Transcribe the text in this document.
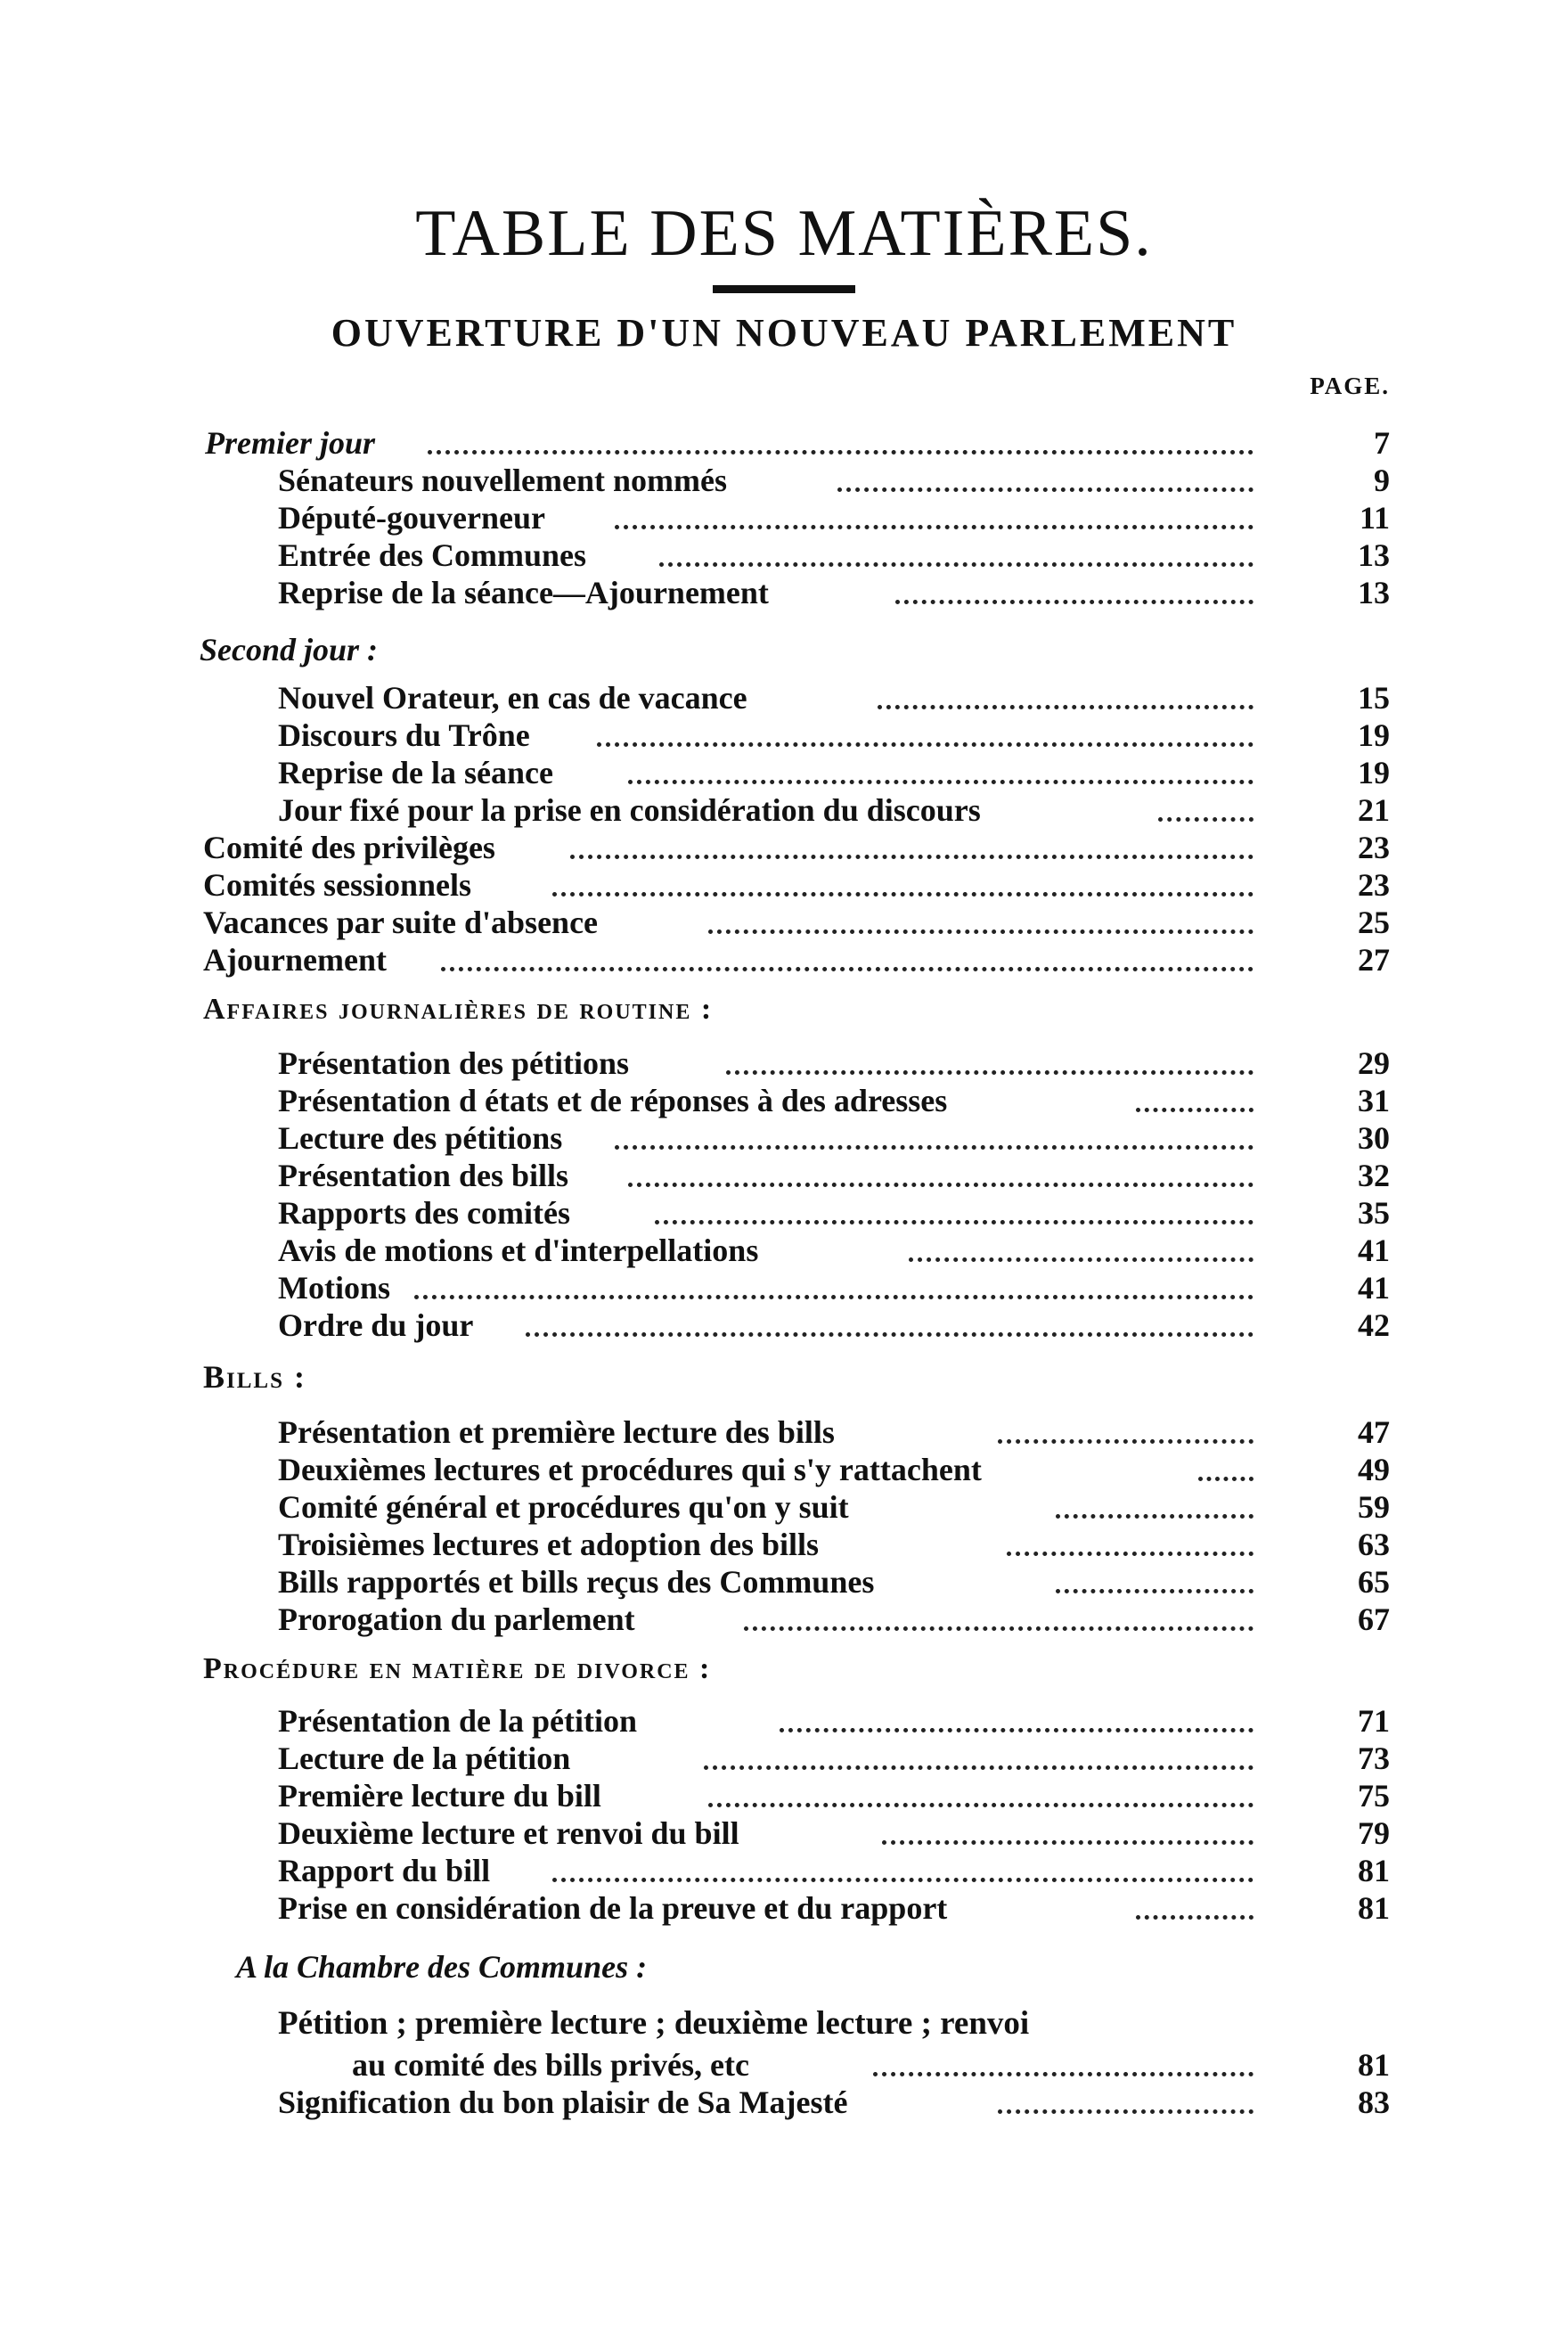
TABLE DES MATIÈRES.
OUVERTURE D'UN NOUVEAU PARLEMENT
PAGE.
Premier jour	7
Sénateurs nouvellement nommés	9
Député-gouverneur	11
Entrée des Communes	13
Reprise de la séance—Ajournement	13
Second jour :
Nouvel Orateur, en cas de vacance	15
Discours du Trône	19
Reprise de la séance	19
Jour fixé pour la prise en considération du discours	21
Comité des privilèges	23
Comités sessionnels	23
Vacances par suite d'absence	25
Ajournement	27
Affaires journalières de routine :
Présentation des pétitions	29
Présentation d états et de réponses à des adresses	31
Lecture des pétitions	30
Présentation des bills	32
Rapports des comités	35
Avis de motions et d'interpellations	41
Motions	41
Ordre du jour	42
Bills :
Présentation et première lecture des bills	47
Deuxièmes lectures et procédures qui s'y rattachent	49
Comité général et procédures qu'on y suit	59
Troisièmes lectures et adoption des bills	63
Bills rapportés et bills reçus des Communes	65
Prorogation du parlement	67
Procédure en matière de divorce :
Présentation de la pétition	71
Lecture de la pétition	73
Première lecture du bill	75
Deuxième lecture et renvoi du bill	79
Rapport du bill	81
Prise en considération de la preuve et du rapport	81
A la Chambre des Communes :
Pétition ; première lecture ; deuxième lecture ; renvoi
au comité des bills privés, etc	81
Signification du bon plaisir de Sa Majesté	83
